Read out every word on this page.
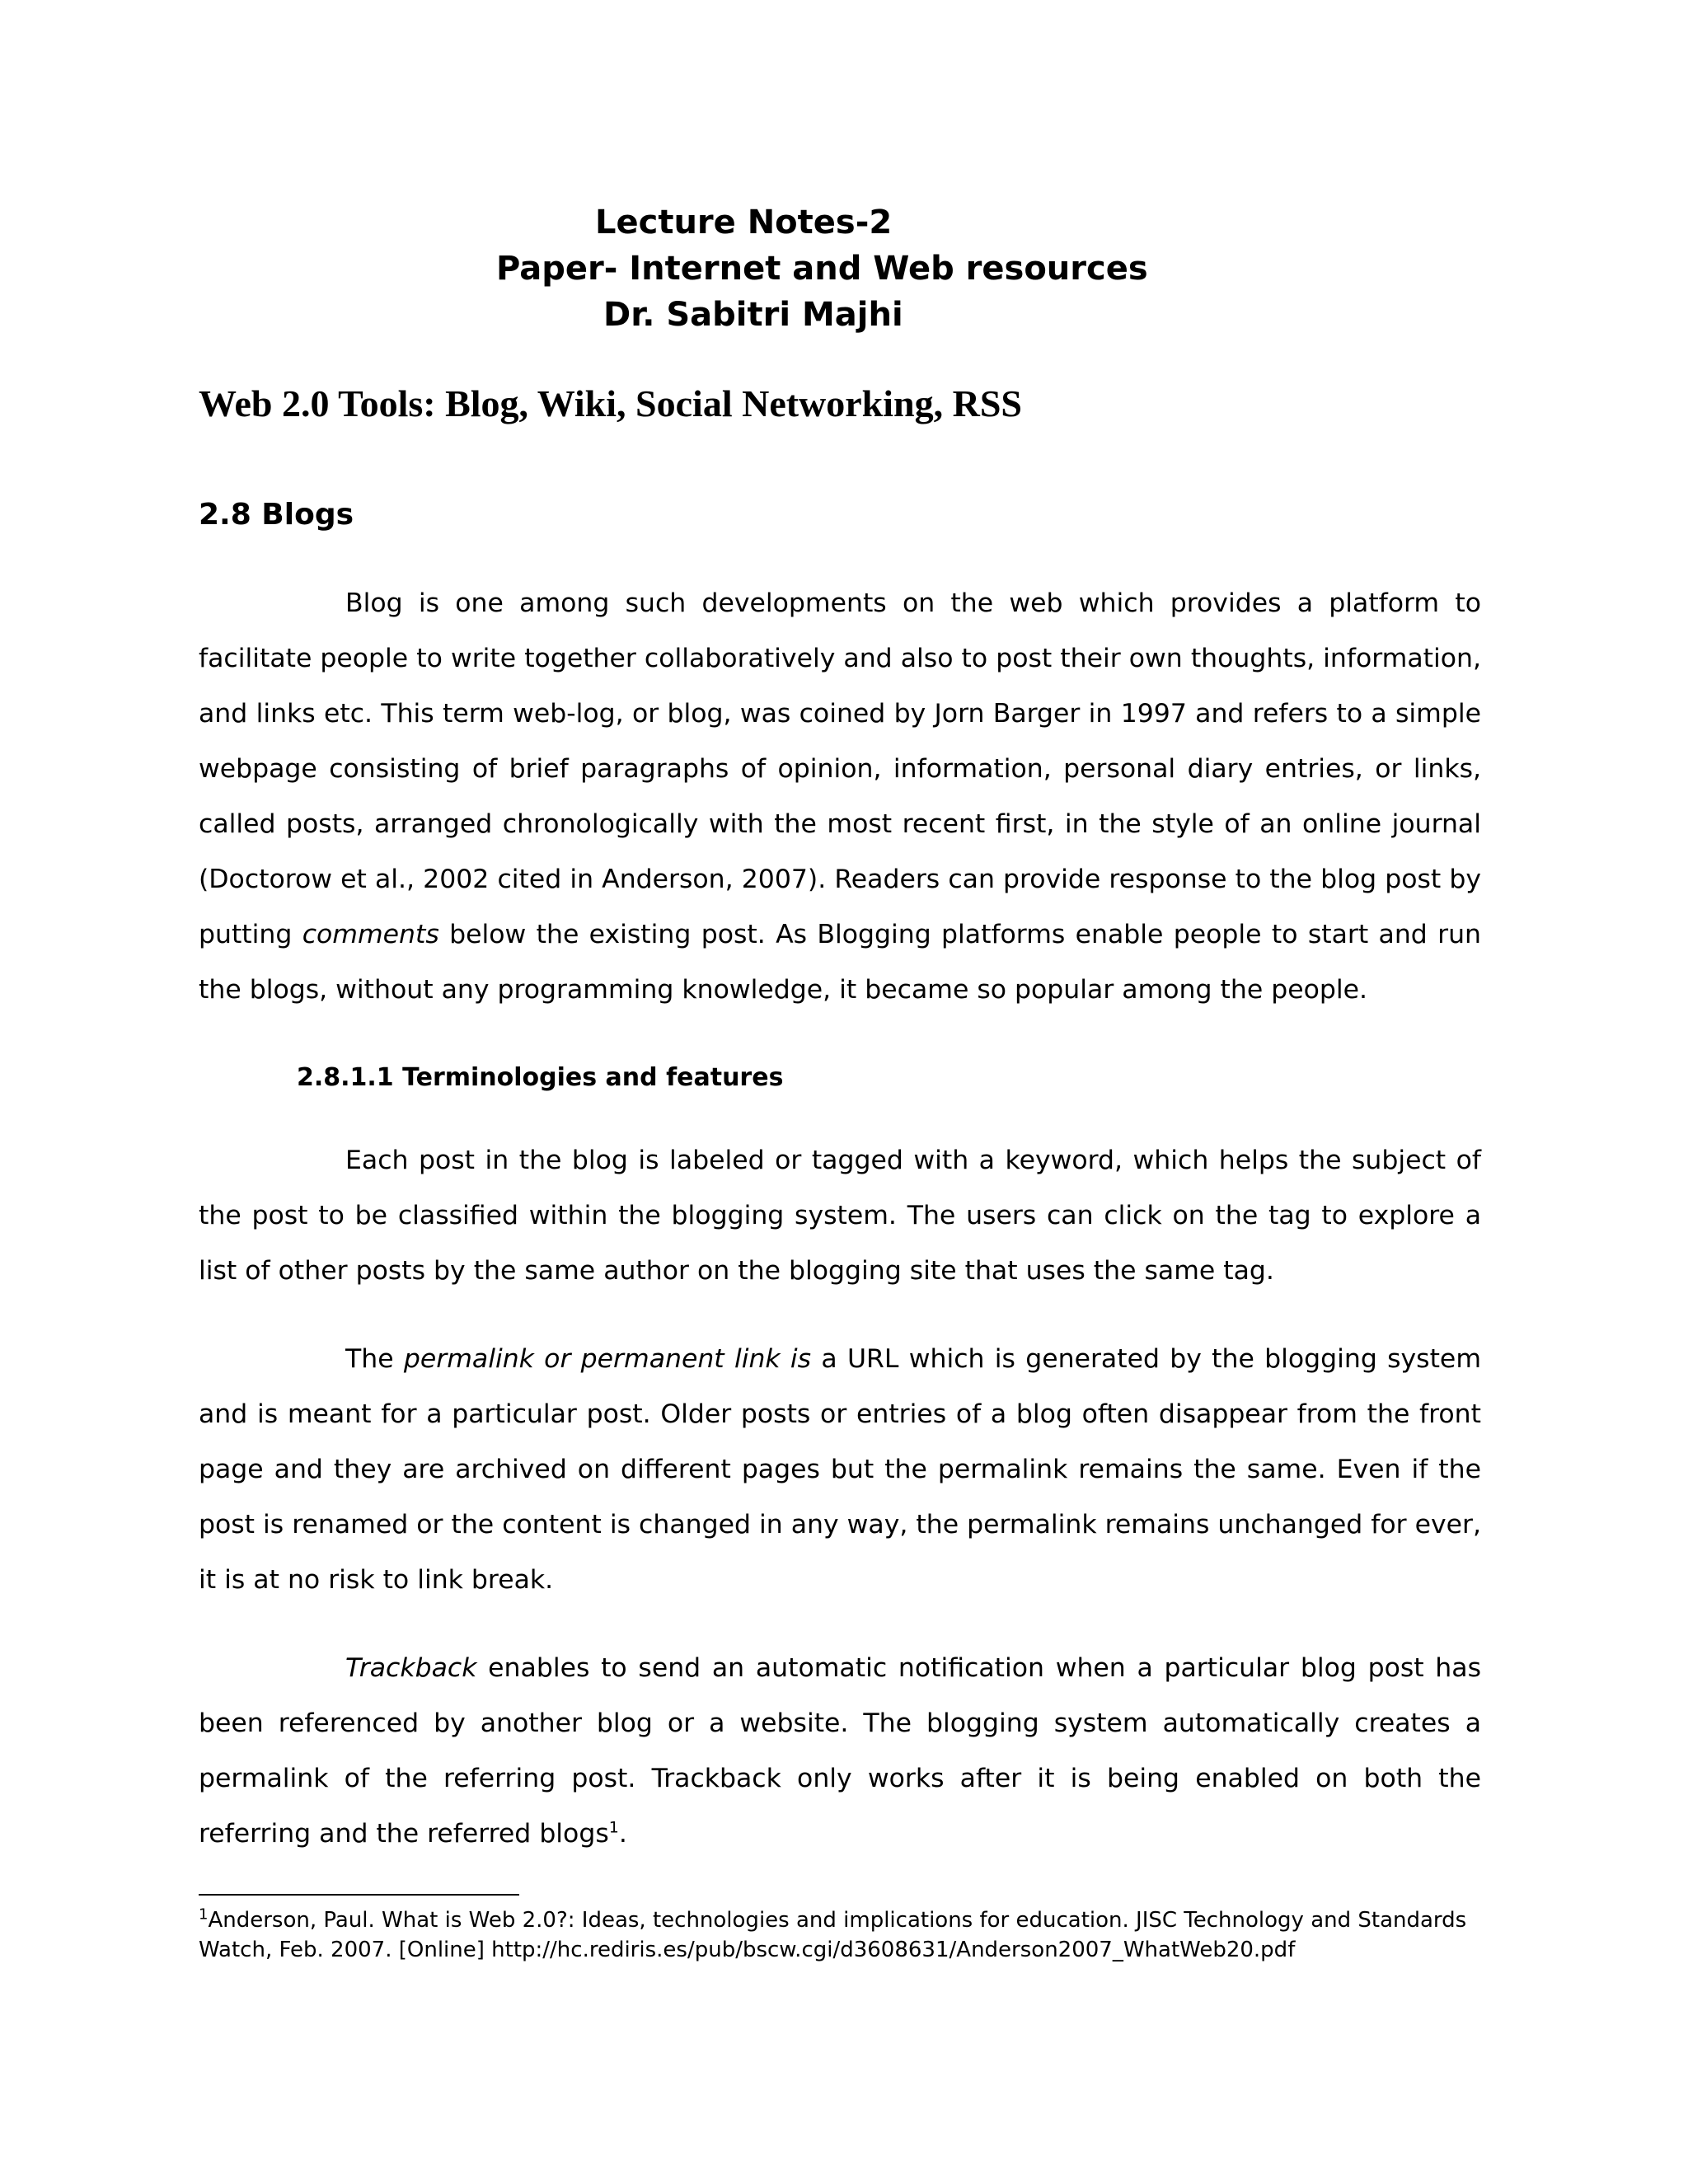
Lecture Notes-2
Paper- Internet and Web resources
Dr. Sabitri Majhi
Web 2.0 Tools: Blog, Wiki, Social Networking, RSS
2.8 Blogs

Blog is one among such developments on the web which provides a platform to facilitate people to write together collaboratively and also to post their own thoughts, information, and links etc. This term web-log, or blog, was coined by Jorn Barger in 1997 and refers to a simple webpage consisting of brief paragraphs of opinion, information, personal diary entries, or links, called posts, arranged chronologically with the most recent first, in the style of an online journal (Doctorow et al., 2002 cited in Anderson, 2007). Readers can provide response to the blog post by putting comments below the existing post. As Blogging platforms enable people to start and run the blogs, without any programming knowledge, it became so popular among the people.

2.8.1.1 Terminologies and features

Each post in the blog is labeled or tagged with a keyword, which helps the subject of the post to be classified within the blogging system. The users can click on the tag to explore a list of other posts by the same author on the blogging site that uses the same tag.

The permalink or permanent link is a URL which is generated by the blogging system and is meant for a particular post. Older posts or entries of a blog often disappear from the front page and they are archived on different pages but the permalink remains the same. Even if the post is renamed or the content is changed in any way, the permalink remains unchanged for ever, it is at no risk to link break.

Trackback enables to send an automatic notification when a particular blog post has been referenced by another blog or a website. The blogging system automatically creates a permalink of the referring post. Trackback only works after it is being enabled on both the referring and the referred blogs$^1$.

$^1$Anderson, Paul. What is Web 2.0?: Ideas, technologies and implications for education. JISC Technology and Standards Watch, Feb. 2007. [Online] http://hc.rediris.es/pub/bscw.cgi/d3608631/Anderson2007_WhatWeb20.pdf
